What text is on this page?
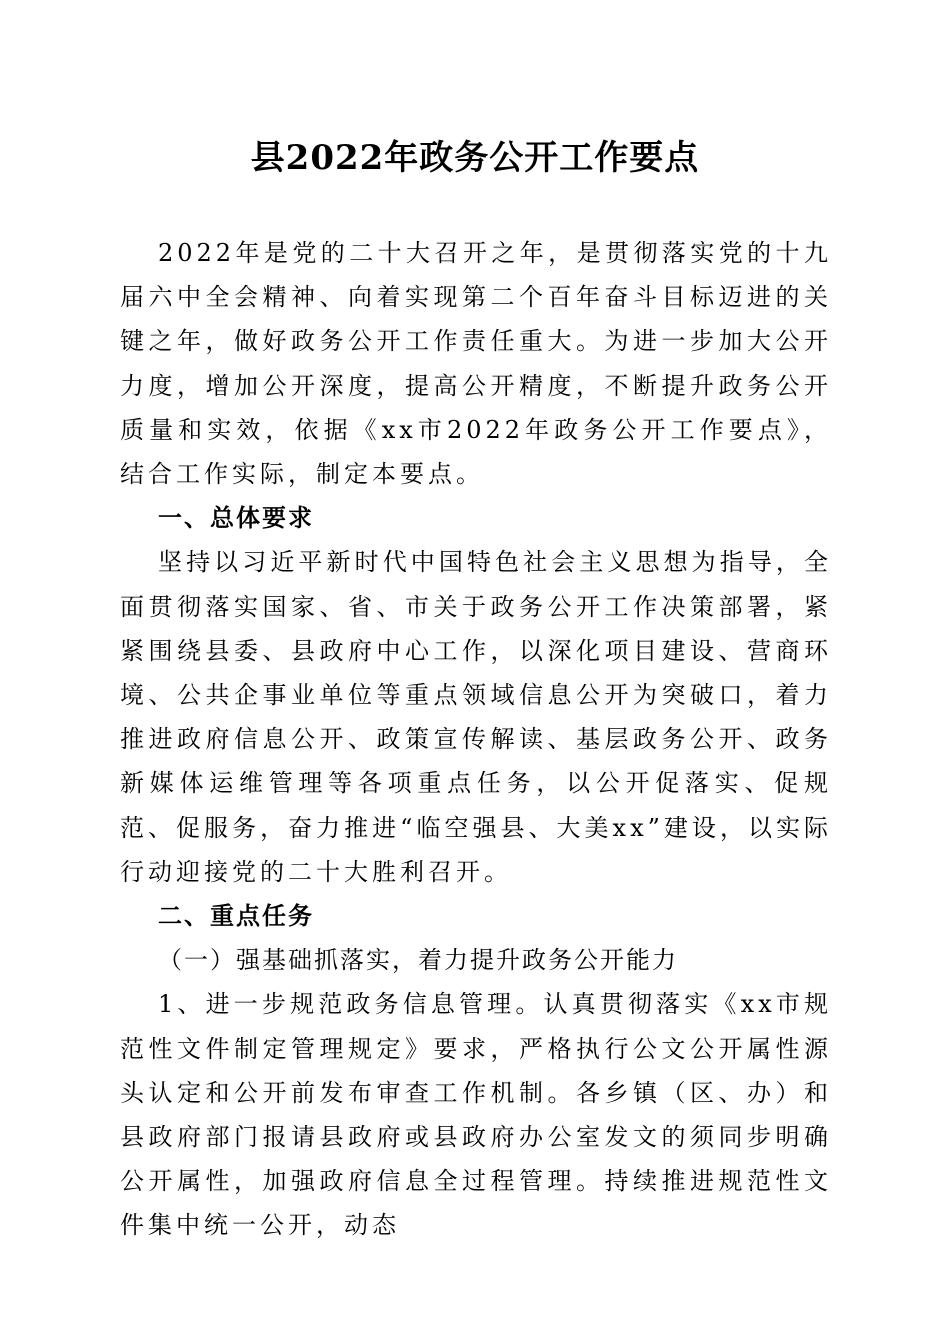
县2022年政务公开工作要点

2022年是党的二十大召开之年，是贯彻落实党的十九届六中全会精神、向着实现第二个百年奋斗目标迈进的关键之年，做好政务公开工作责任重大。为进一步加大公开力度，增加公开深度，提高公开精度，不断提升政务公开质量和实效，依据《xx市2022年政务公开工作要点》，结合工作实际，制定本要点。

一、总体要求

坚持以习近平新时代中国特色社会主义思想为指导，全面贯彻落实国家、省、市关于政务公开工作决策部署，紧紧围绕县委、县政府中心工作，以深化项目建设、营商环境、公共企事业单位等重点领域信息公开为突破口，着力推进政府信息公开、政策宣传解读、基层政务公开、政务新媒体运维管理等各项重点任务，以公开促落实、促规范、促服务，奋力推进“临空强县、大美xx”建设，以实际行动迎接党的二十大胜利召开。

二、重点任务

（一）强基础抓落实，着力提升政务公开能力

1、进一步规范政务信息管理。认真贯彻落实《xx市规范性文件制定管理规定》要求，严格执行公文公开属性源头认定和公开前发布审查工作机制。各乡镇（区、办）和县政府部门报请县政府或县政府办公室发文的须同步明确公开属性，加强政府信息全过程管理。持续推进规范性文件集中统一公开，动态
